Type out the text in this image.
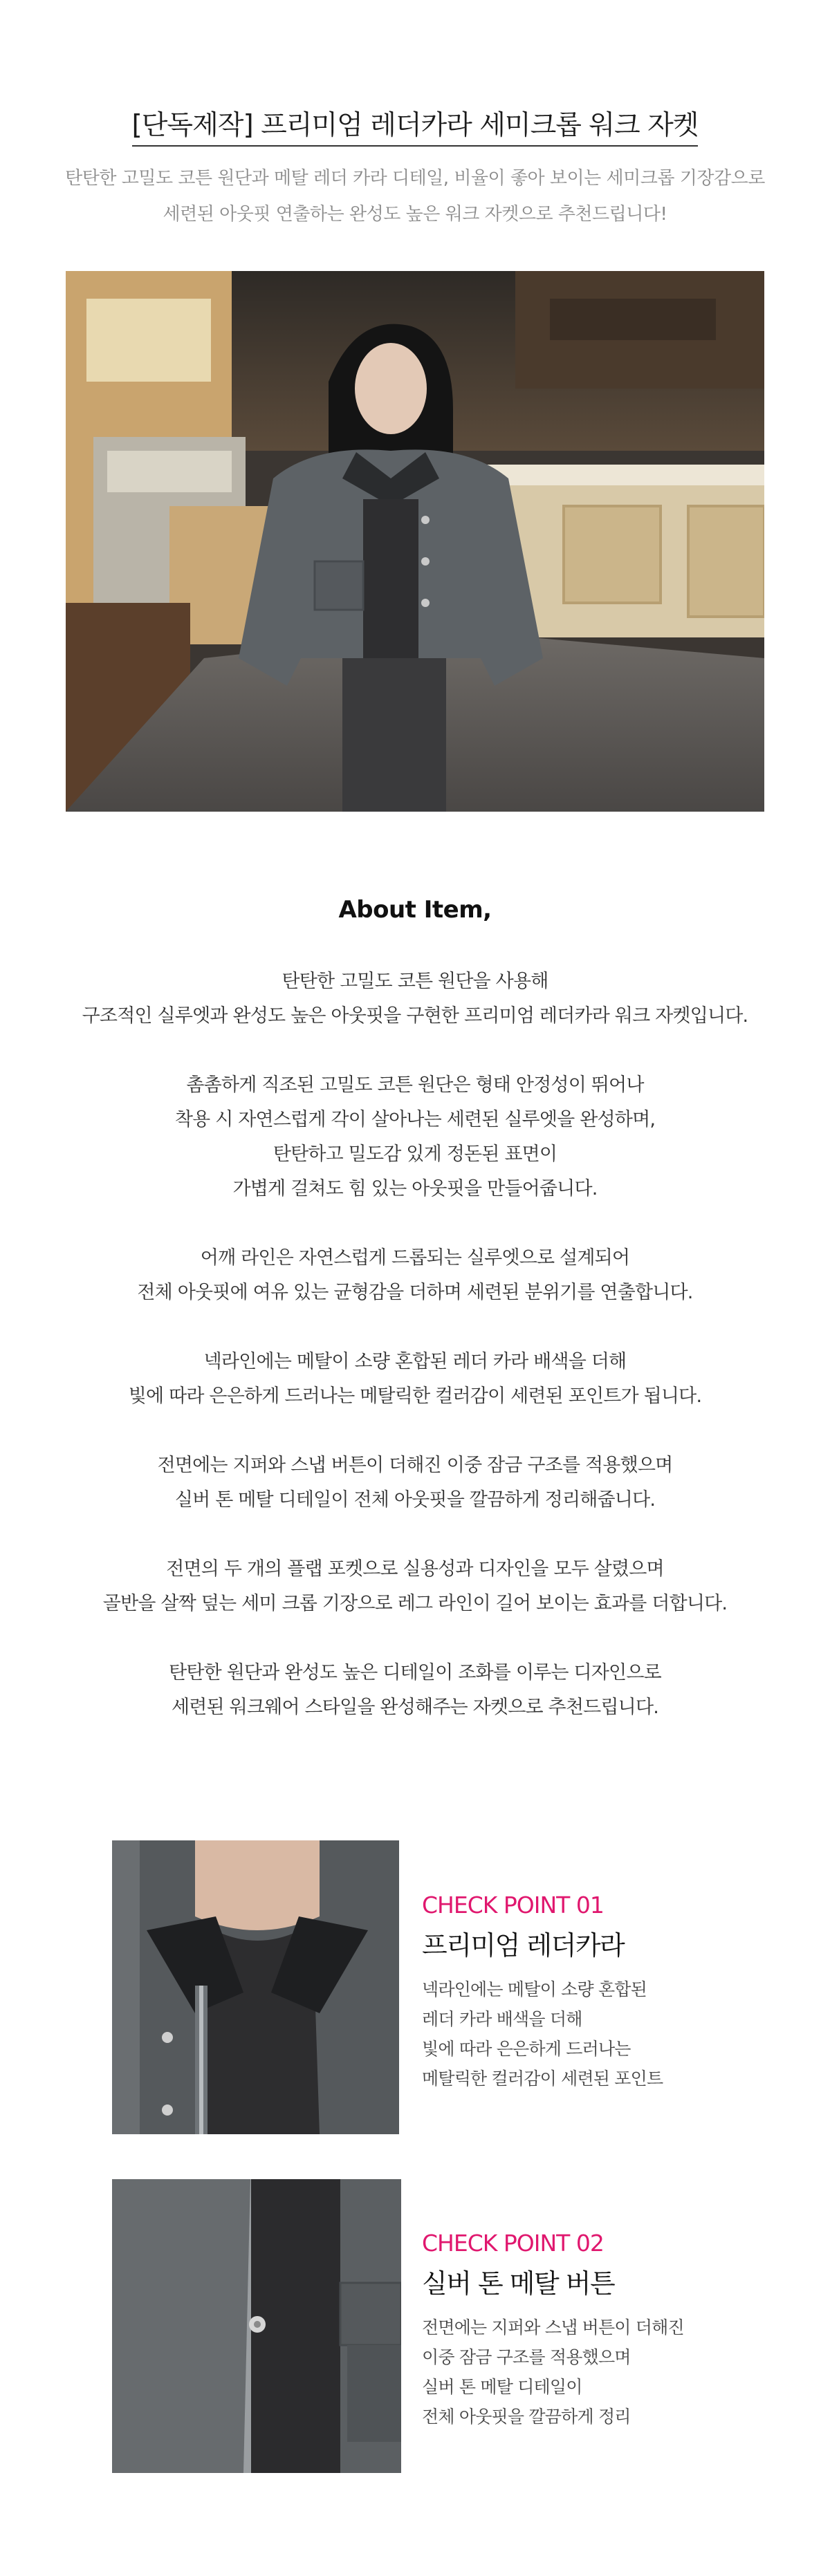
[단독제작] 프리미엄 레더카라 세미크롭 워크 자켓
탄탄한 고밀도 코튼 원단과 메탈 레더 카라 디테일, 비율이 좋아 보이는 세미크롭 기장감으로
세련된 아웃핏 연출하는 완성도 높은 워크 자켓으로 추천드립니다!
About Item,
탄탄한 고밀도 코튼 원단을 사용해
구조적인 실루엣과 완성도 높은 아웃핏을 구현한 프리미엄 레더카라 워크 자켓입니다.
촘촘하게 직조된 고밀도 코튼 원단은 형태 안정성이 뛰어나
착용 시 자연스럽게 각이 살아나는 세련된 실루엣을 완성하며,
탄탄하고 밀도감 있게 정돈된 표면이
가볍게 걸쳐도 힘 있는 아웃핏을 만들어줍니다.
어깨 라인은 자연스럽게 드롭되는 실루엣으로 설계되어
전체 아웃핏에 여유 있는 균형감을 더하며 세련된 분위기를 연출합니다.
넥라인에는 메탈이 소량 혼합된 레더 카라 배색을 더해
빛에 따라 은은하게 드러나는 메탈릭한 컬러감이 세련된 포인트가 됩니다.
전면에는 지퍼와 스냅 버튼이 더해진 이중 잠금 구조를 적용했으며
실버 톤 메탈 디테일이 전체 아웃핏을 깔끔하게 정리해줍니다.
전면의 두 개의 플랩 포켓으로 실용성과 디자인을 모두 살렸으며
골반을 살짝 덮는 세미 크롭 기장으로 레그 라인이 길어 보이는 효과를 더합니다.
탄탄한 원단과 완성도 높은 디테일이 조화를 이루는 디자인으로
세련된 워크웨어 스타일을 완성해주는 자켓으로 추천드립니다.
CHECK POINT 01
프리미엄 레더카라
넥라인에는 메탈이 소량 혼합된
레더 카라 배색을 더해
빛에 따라 은은하게 드러나는
메탈릭한 컬러감이 세련된 포인트
CHECK POINT 02
실버 톤 메탈 버튼
전면에는 지퍼와 스냅 버튼이 더해진
이중 잠금 구조를 적용했으며
실버 톤 메탈 디테일이
전체 아웃핏을 깔끔하게 정리
